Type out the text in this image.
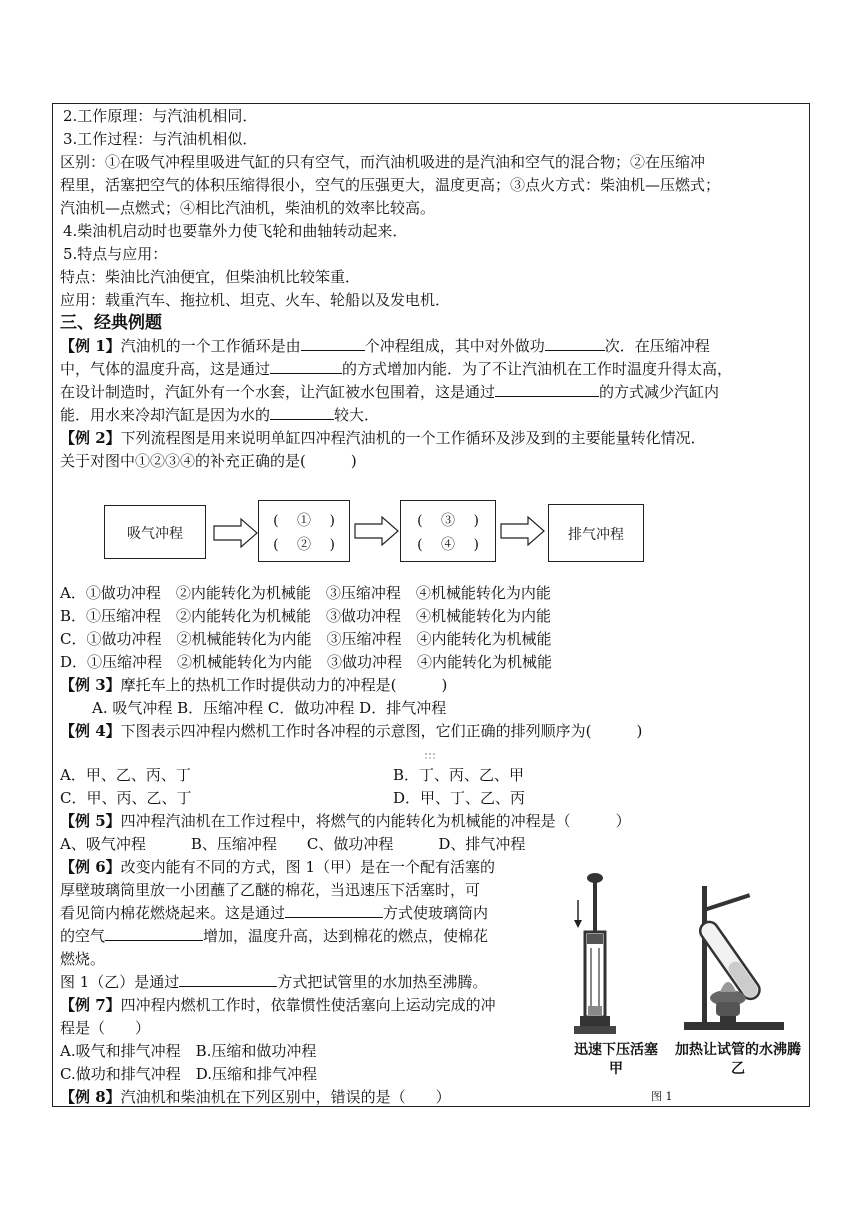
2.工作原理：与汽油机相同．
3.工作过程：与汽油机相似．
区别：①在吸气冲程里吸进气缸的只有空气，而汽油机吸进的是汽油和空气的混合物；②在压缩冲
程里，活塞把空气的体积压缩得很小，空气的压强更大，温度更高；③点火方式：柴油机—压燃式；
汽油机—点燃式；④相比汽油机，柴油机的效率比较高。
4.柴油机启动时也要靠外力使飞轮和曲轴转动起来．
5.特点与应用：
特点：柴油比汽油便宜，但柴油机比较笨重．
应用：载重汽车、拖拉机、坦克、火车、轮船以及发电机．
三、经典例题
【例 1】汽油机的一个工作循环是由	个冲程组成，其中对外做功	次．在压缩冲程
中，气体的温度升高，这是通过	的方式增加内能．为了不让汽油机在工作时温度升得太高，
在设计制造时，汽缸外有一个水套，让汽缸被水包围着，这是通过	的方式减少汽缸内
能．用水来冷却汽缸是因为水的	较大．
【例 2】下列流程图是用来说明单缸四冲程汽油机的一个工作循环及涉及到的主要能量转化情况．
关于对图中①②③④的补充正确的是(　　　)
吸气冲程
(　 ①　 )
(　 ②　 )
(　 ③　 )
(　 ④　 )
排气冲程
A．①做功冲程　②内能转化为机械能　③压缩冲程　④机械能转化为内能
B．①压缩冲程　②内能转化为机械能　③做功冲程　④机械能转化为内能
C．①做功冲程　②机械能转化为内能　③压缩冲程　④内能转化为机械能
D．①压缩冲程　②机械能转化为内能　③做功冲程　④内能转化为机械能
【例 3】摩托车上的热机工作时提供动力的冲程是(　　　)
A. 吸气冲程 B．压缩冲程 C．做功冲程 D．排气冲程
【例 4】下图表示四冲程内燃机工作时各冲程的示意图，它们正确的排列顺序为(　　　)
A．甲、乙、丙、丁	B．丁、丙、乙、甲
C．甲、丙、乙、丁	D．甲、丁、乙、丙
【例 5】四冲程汽油机在工作过程中，将燃气的内能转化为机械能的冲程是（　　　）
A、吸气冲程　　　B、压缩冲程　　C、做功冲程　　　D、排气冲程
【例 6】改变内能有不同的方式，图 1（甲）是在一个配有活塞的
厚壁玻璃筒里放一小团蘸了乙醚的棉花，当迅速压下活塞时，可
看见筒内棉花燃烧起来。这是通过	方式使玻璃筒内
的空气	增加，温度升高，达到棉花的燃点，使棉花
燃烧。
图 1（乙）是通过	方式把试管里的水加热至沸腾。
【例 7】四冲程内燃机工作时，依靠惯性使活塞向上运动完成的冲
程是（　　）
A.吸气和排气冲程　B.压缩和做功冲程
C.做功和排气冲程　D.压缩和排气冲程
【例 8】汽油机和柴油机在下列区别中，错误的是（　　）
迅速下压活塞
甲
加热让试管的水沸腾
乙
图 1
